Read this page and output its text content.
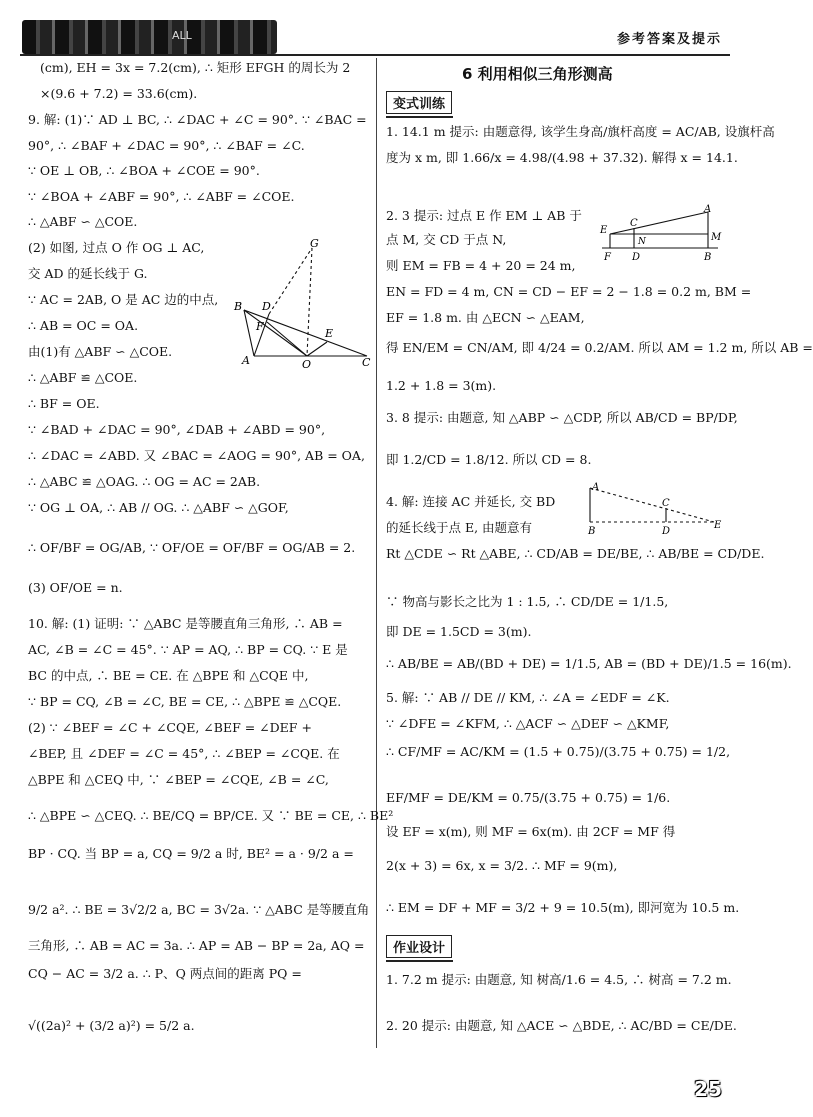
ALL	参考答案及提示
(cm), EH = 3x = 7.2(cm), ∴ 矩形 EFGH 的周长为 2
×(9.6 + 7.2) = 33.6(cm).
9. 解: (1)∵ AD ⊥ BC, ∴ ∠DAC + ∠C = 90°. ∵ ∠BAC =
90°, ∴ ∠BAF + ∠DAC = 90°, ∴ ∠BAF = ∠C.
∵ OE ⊥ OB, ∴ ∠BOA + ∠COE = 90°.
∵ ∠BOA + ∠ABF = 90°, ∴ ∠ABF = ∠COE.
∴ △ABF ∽ △COE.
(2) 如图, 过点 O 作 OG ⊥ AC,
交 AD 的延长线于 G.
∵ AC = 2AB, O 是 AC 边的中点,
∴ AB = OC = OA.
由(1)有 △ABF ∽ △COE.
∴ △ABF ≌ △COE.
∴ BF = OE.
∵ ∠BAD + ∠DAC = 90°, ∠DAB + ∠ABD = 90°,
∴ ∠DAC = ∠ABD. 又 ∠BAC = ∠AOG = 90°, AB = OA,
∴ △ABC ≌ △OAG. ∴ OG = AC = 2AB.
∵ OG ⊥ OA, ∴ AB // OG. ∴ △ABF ∽ △GOF,
∴ OF/BF = OG/AB, ∵ OF/OE = OF/BF = OG/AB = 2.
(3) OF/OE = n.
10. 解: (1) 证明: ∵ △ABC 是等腰直角三角形, ∴ AB =
AC, ∠B = ∠C = 45°. ∵ AP = AQ, ∴ BP = CQ. ∵ E 是
BC 的中点, ∴ BE = CE. 在 △BPE 和 △CQE 中,
∵ BP = CQ, ∠B = ∠C, BE = CE, ∴ △BPE ≌ △CQE.
(2) ∵ ∠BEF = ∠C + ∠CQE, ∠BEF = ∠DEF +
∠BEP, 且 ∠DEF = ∠C = 45°, ∴ ∠BEP = ∠CQE. 在
△BPE 和 △CEQ 中, ∵ ∠BEP = ∠CQE, ∠B = ∠C,
∴ △BPE ∽ △CEQ. ∴ BE/CQ = BP/CE. 又 ∵ BE = CE, ∴ BE²
BP · CQ. 当 BP = a, CQ = 9/2 a 时, BE² = a · 9/2 a =
9/2 a². ∴ BE = 3√2/2 a, BC = 3√2a. ∵ △ABC 是等腰直角
三角形, ∴ AB = AC = 3a. ∴ AP = AB − BP = 2a, AQ =
CQ − AC = 3/2 a. ∴ P、Q 两点间的距离 PQ =
√((2a)² + (3/2 a)²) = 5/2 a.
G
B D
F
E
A	O	C
6 利用相似三角形测高
变式训练
作业设计
1. 14.1 m 提示: 由题意得, 该学生身高/旗杆高度 = AC/AB, 设旗杆高
度为 x m, 即 1.66/x = 4.98/(4.98 + 37.32). 解得 x = 14.1.
2. 3 提示: 过点 E 作 EM ⊥ AB 于
点 M, 交 CD 于点 N,
则 EM = FB = 4 + 20 = 24 m,
EN = FD = 4 m, CN = CD − EF = 2 − 1.8 = 0.2 m, BM =
EF = 1.8 m. 由 △ECN ∽ △EAM,
得 EN/EM = CN/AM, 即 4/24 = 0.2/AM. 所以 AM = 1.2 m, 所以 AB =
1.2 + 1.8 = 3(m).
3. 8 提示: 由题意, 知 △ABP ∽ △CDP, 所以 AB/CD = BP/DP,
即 1.2/CD = 1.8/12. 所以 CD = 8.
4. 解: 连接 AC 并延长, 交 BD
的延长线于点 E, 由题意有
Rt △CDE ∽ Rt △ABE, ∴ CD/AB = DE/BE, ∴ AB/BE = CD/DE.
∵ 物高与影长之比为 1 : 1.5, ∴ CD/DE = 1/1.5,
即 DE = 1.5CD = 3(m).
∴ AB/BE = AB/(BD + DE) = 1/1.5, AB = (BD + DE)/1.5 = 16(m).
5. 解: ∵ AB // DE // KM, ∴ ∠A = ∠EDF = ∠K.
∵ ∠DFE = ∠KFM, ∴ △ACF ∽ △DEF ∽ △KMF,
∴ CF/MF = AC/KM = (1.5 + 0.75)/(3.75 + 0.75) = 1/2,
EF/MF = DE/KM = 0.75/(3.75 + 0.75) = 1/6.
设 EF = x(m), 则 MF = 6x(m). 由 2CF = MF 得
2(x + 3) = 6x, x = 3/2. ∴ MF = 9(m),
∴ EM = DF + MF = 3/2 + 9 = 10.5(m), 即河宽为 10.5 m.
1. 7.2 m 提示: 由题意, 知 树高/1.6 = 4.5, ∴ 树高 = 7.2 m.
2. 20 提示: 由题意, 知 △ACE ∽ △BDE, ∴ AC/BD = CE/DE.
A
C
E
N	M
F D	B
A
B
C
D
E
25
